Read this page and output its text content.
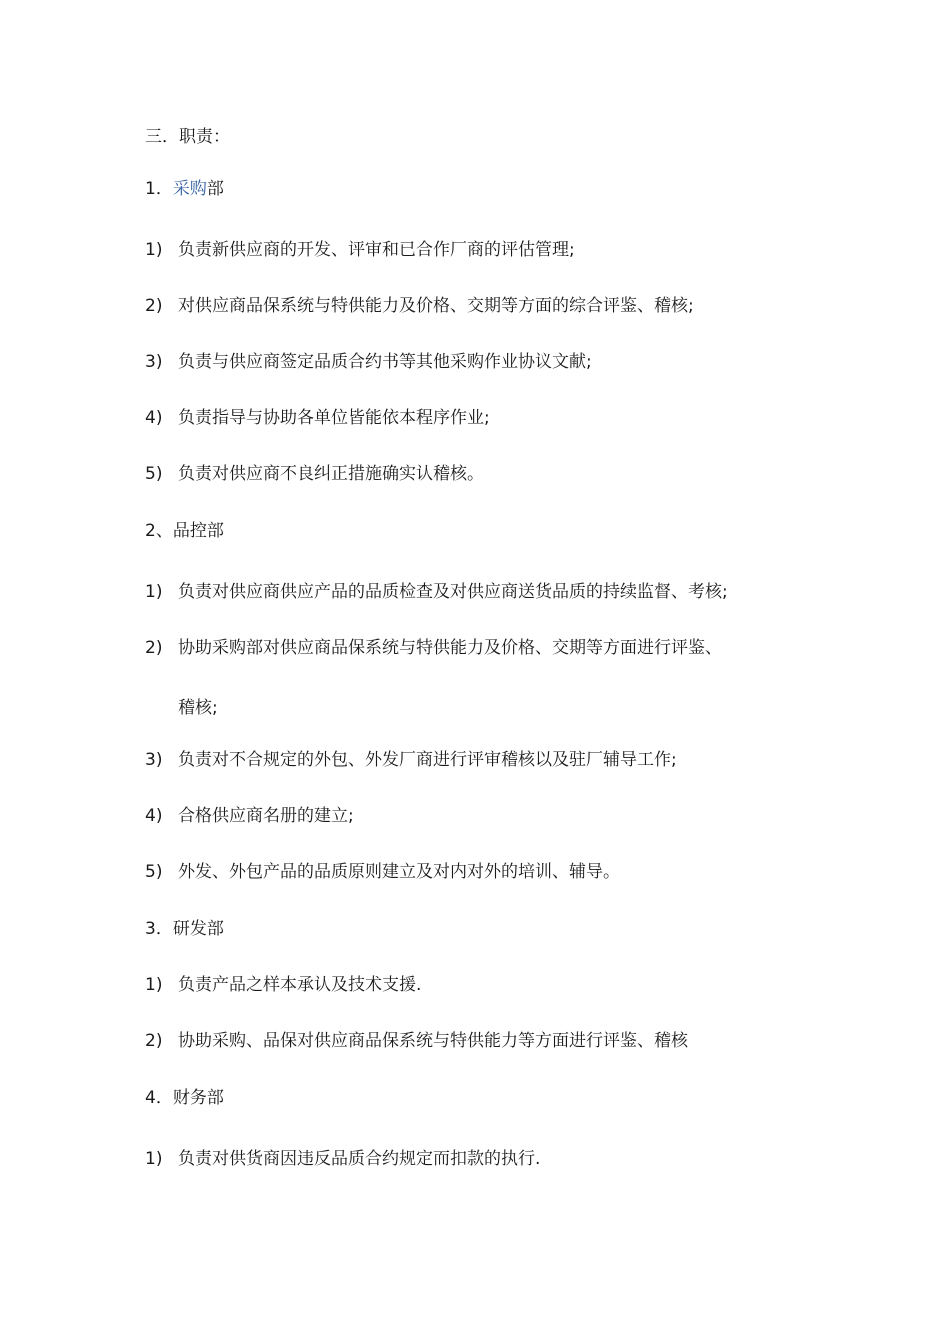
三．职责：
1．采购部
1) 负责新供应商的开发、评审和已合作厂商的评估管理;
2) 对供应商品保系统与特供能力及价格、交期等方面的综合评鉴、稽核;
3) 负责与供应商签定品质合约书等其他采购作业协议文献;
4) 负责指导与协助各单位皆能依本程序作业;
5) 负责对供应商不良纠正措施确实认稽核。
2、品控部
1) 负责对供应商供应产品的品质检查及对供应商送货品质的持续监督、考核;
2) 协助采购部对供应商品保系统与特供能力及价格、交期等方面进行评鉴、
稽核;
3) 负责对不合规定的外包、外发厂商进行评审稽核以及驻厂辅导工作;
4) 合格供应商名册的建立;
5) 外发、外包产品的品质原则建立及对内对外的培训、辅导。
3．研发部
1) 负责产品之样本承认及技术支援.
2) 协助采购、品保对供应商品保系统与特供能力等方面进行评鉴、稽核
4．财务部
1) 负责对供货商因违反品质合约规定而扣款的执行.
